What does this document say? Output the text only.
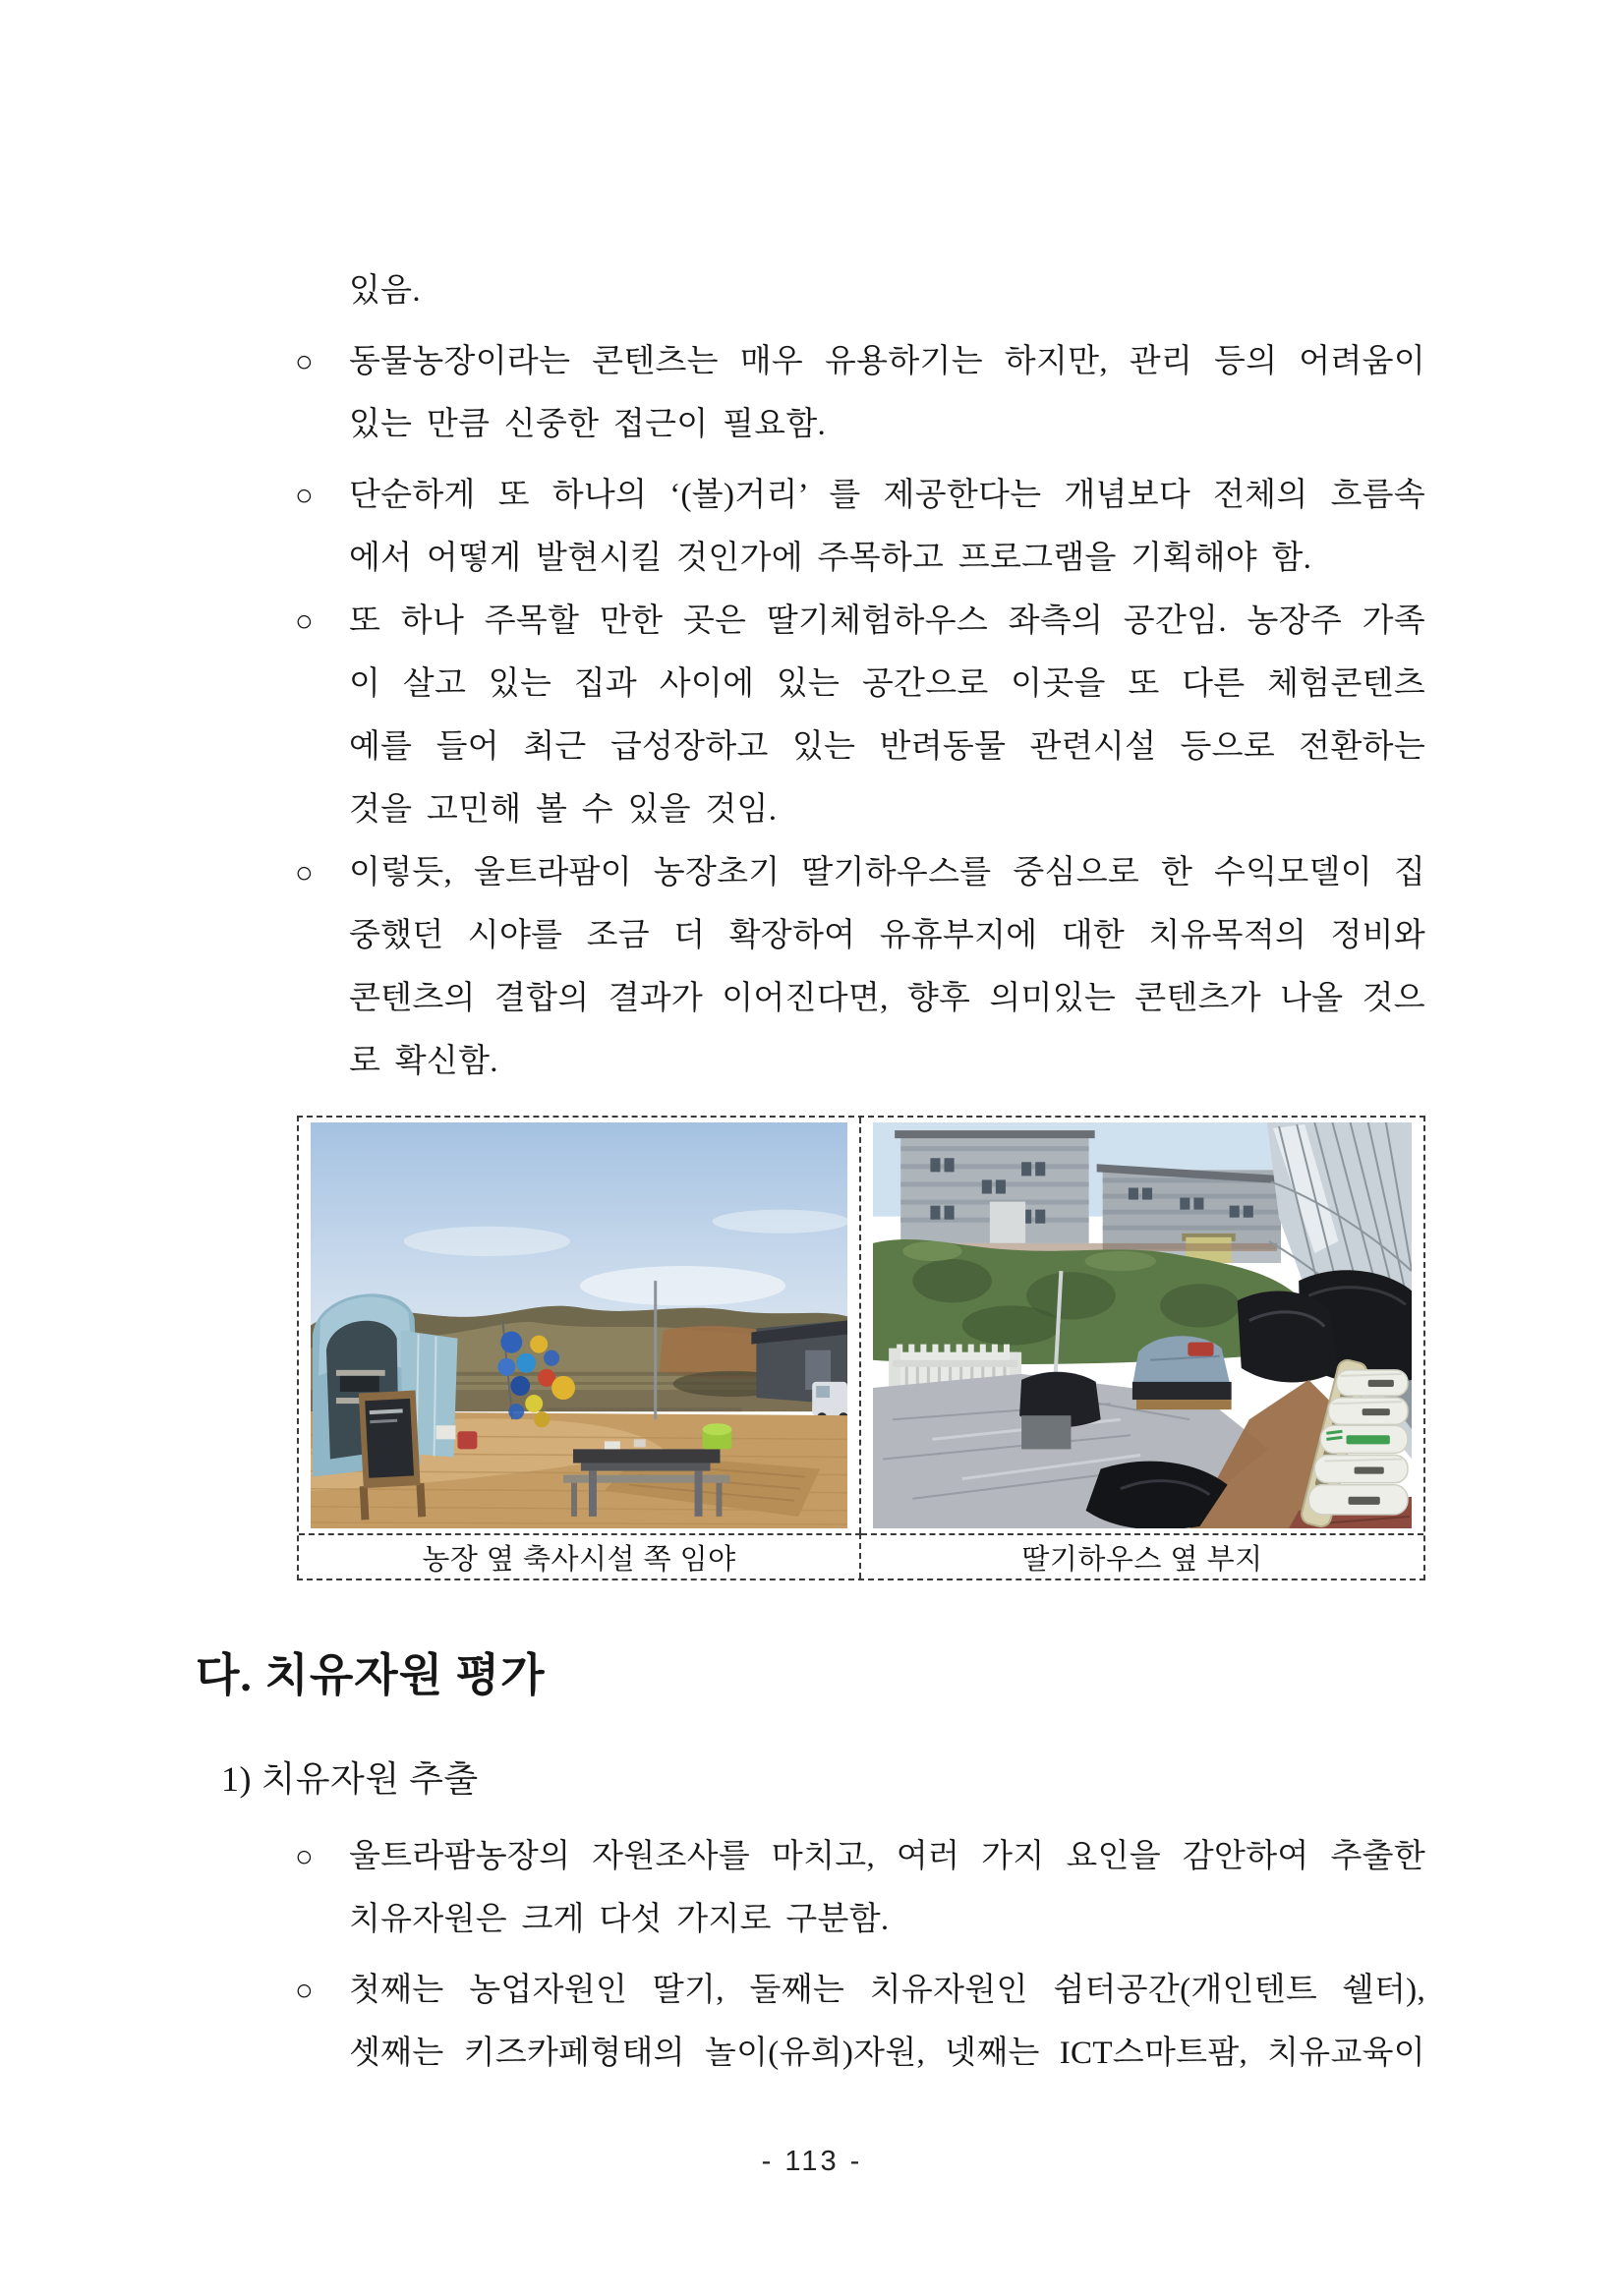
있음.
○	동물농장이라는 콘텐츠는 매우 유용하기는 하지만, 관리 등의 어려움이
있는 만큼 신중한 접근이 필요함.
○	단순하게 또 하나의 ‘(볼)거리’ 를 제공한다는 개념보다 전체의 흐름속
에서 어떻게 발현시킬 것인가에 주목하고 프로그램을 기획해야 함.
○	또 하나 주목할 만한 곳은 딸기체험하우스 좌측의 공간임. 농장주 가족
이 살고 있는 집과 사이에 있는 공간으로 이곳을 또 다른 체험콘텐츠
예를 들어 최근 급성장하고 있는 반려동물 관련시설 등으로 전환하는
것을 고민해 볼 수 있을 것임.
○	이렇듯, 울트라팜이 농장초기 딸기하우스를 중심으로 한 수익모델이 집
중했던 시야를 조금 더 확장하여 유휴부지에 대한 치유목적의 정비와
콘텐츠의 결합의 결과가 이어진다면, 향후 의미있는 콘텐츠가 나올 것으
로 확신함.
농장 옆 축사시설 쪽 임야	딸기하우스 옆 부지
다. 치유자원 평가
1) 치유자원 추출
○	울트라팜농장의 자원조사를 마치고, 여러 가지 요인을 감안하여 추출한
치유자원은 크게 다섯 가지로 구분함.
○	첫째는 농업자원인 딸기, 둘째는 치유자원인 쉼터공간(개인텐트 쉘터),
셋째는 키즈카페형태의 놀이(유희)자원, 넷째는 ICT스마트팜, 치유교육이
- 113 -
